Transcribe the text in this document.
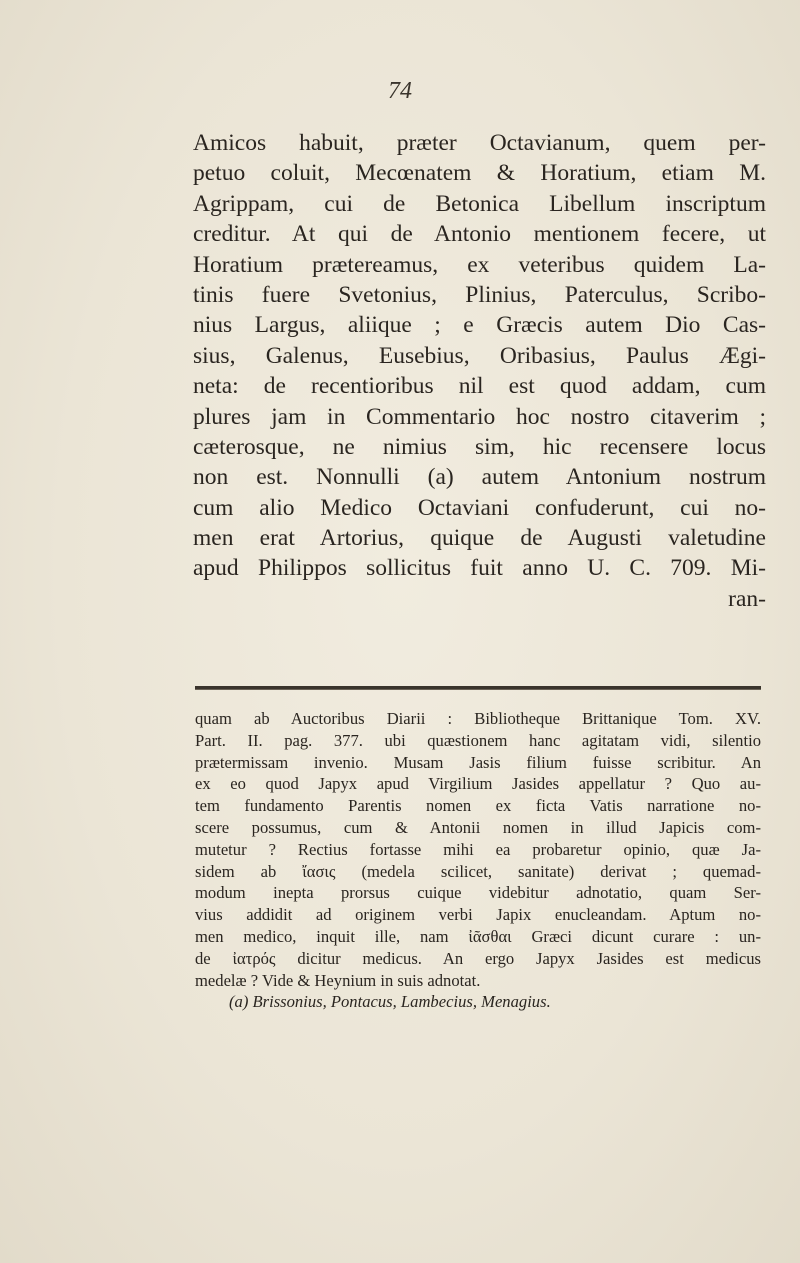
74
Amicos habuit, præter Octavianum, quem per-
petuo coluit, Mecœnatem & Horatium, etiam M.
Agrippam, cui de Betonica Libellum inscriptum
creditur. At qui de Antonio mentionem fecere, ut
Horatium prætereamus, ex veteribus quidem La-
tinis fuere Svetonius, Plinius, Paterculus, Scribo-
nius Largus, aliique ; e Græcis autem Dio Cas-
sius, Galenus, Eusebius, Oribasius, Paulus Ægi-
neta: de recentioribus nil est quod addam, cum
plures jam in Commentario hoc nostro citaverim ;
cæterosque, ne nimius sim, hic recensere locus
non est. Nonnulli (a) autem Antonium nostrum
cum alio Medico Octaviani confuderunt, cui no-
men erat Artorius, quique de Augusti valetudine
apud Philippos sollicitus fuit anno U. C. 709. Mi-
ran-
quam ab Auctoribus Diarii : Bibliotheque Brittanique Tom. XV.
Part. II. pag. 377. ubi quæstionem hanc agitatam vidi, silentio
prætermissam invenio. Musam Jasis filium fuisse scribitur. An
ex eo quod Japyx apud Virgilium Jasides appellatur ? Quo au-
tem fundamento Parentis nomen ex ficta Vatis narratione no-
scere possumus, cum & Antonii nomen in illud Japicis com-
mutetur ? Rectius fortasse mihi ea probaretur opinio, quæ Ja-
sidem ab ἴασις (medela scilicet, sanitate) derivat ; quemad-
modum inepta prorsus cuique videbitur adnotatio, quam Ser-
vius addidit ad originem verbi Japix enucleandam. Aptum no-
men medico, inquit ille, nam ἰᾶσθαι Græci dicunt curare : un-
de ἰατρός dicitur medicus. An ergo Japyx Jasides est medicus
medelæ ? Vide & Heynium in suis adnotat.
(a) Brissonius, Pontacus, Lambecius, Menagius.
